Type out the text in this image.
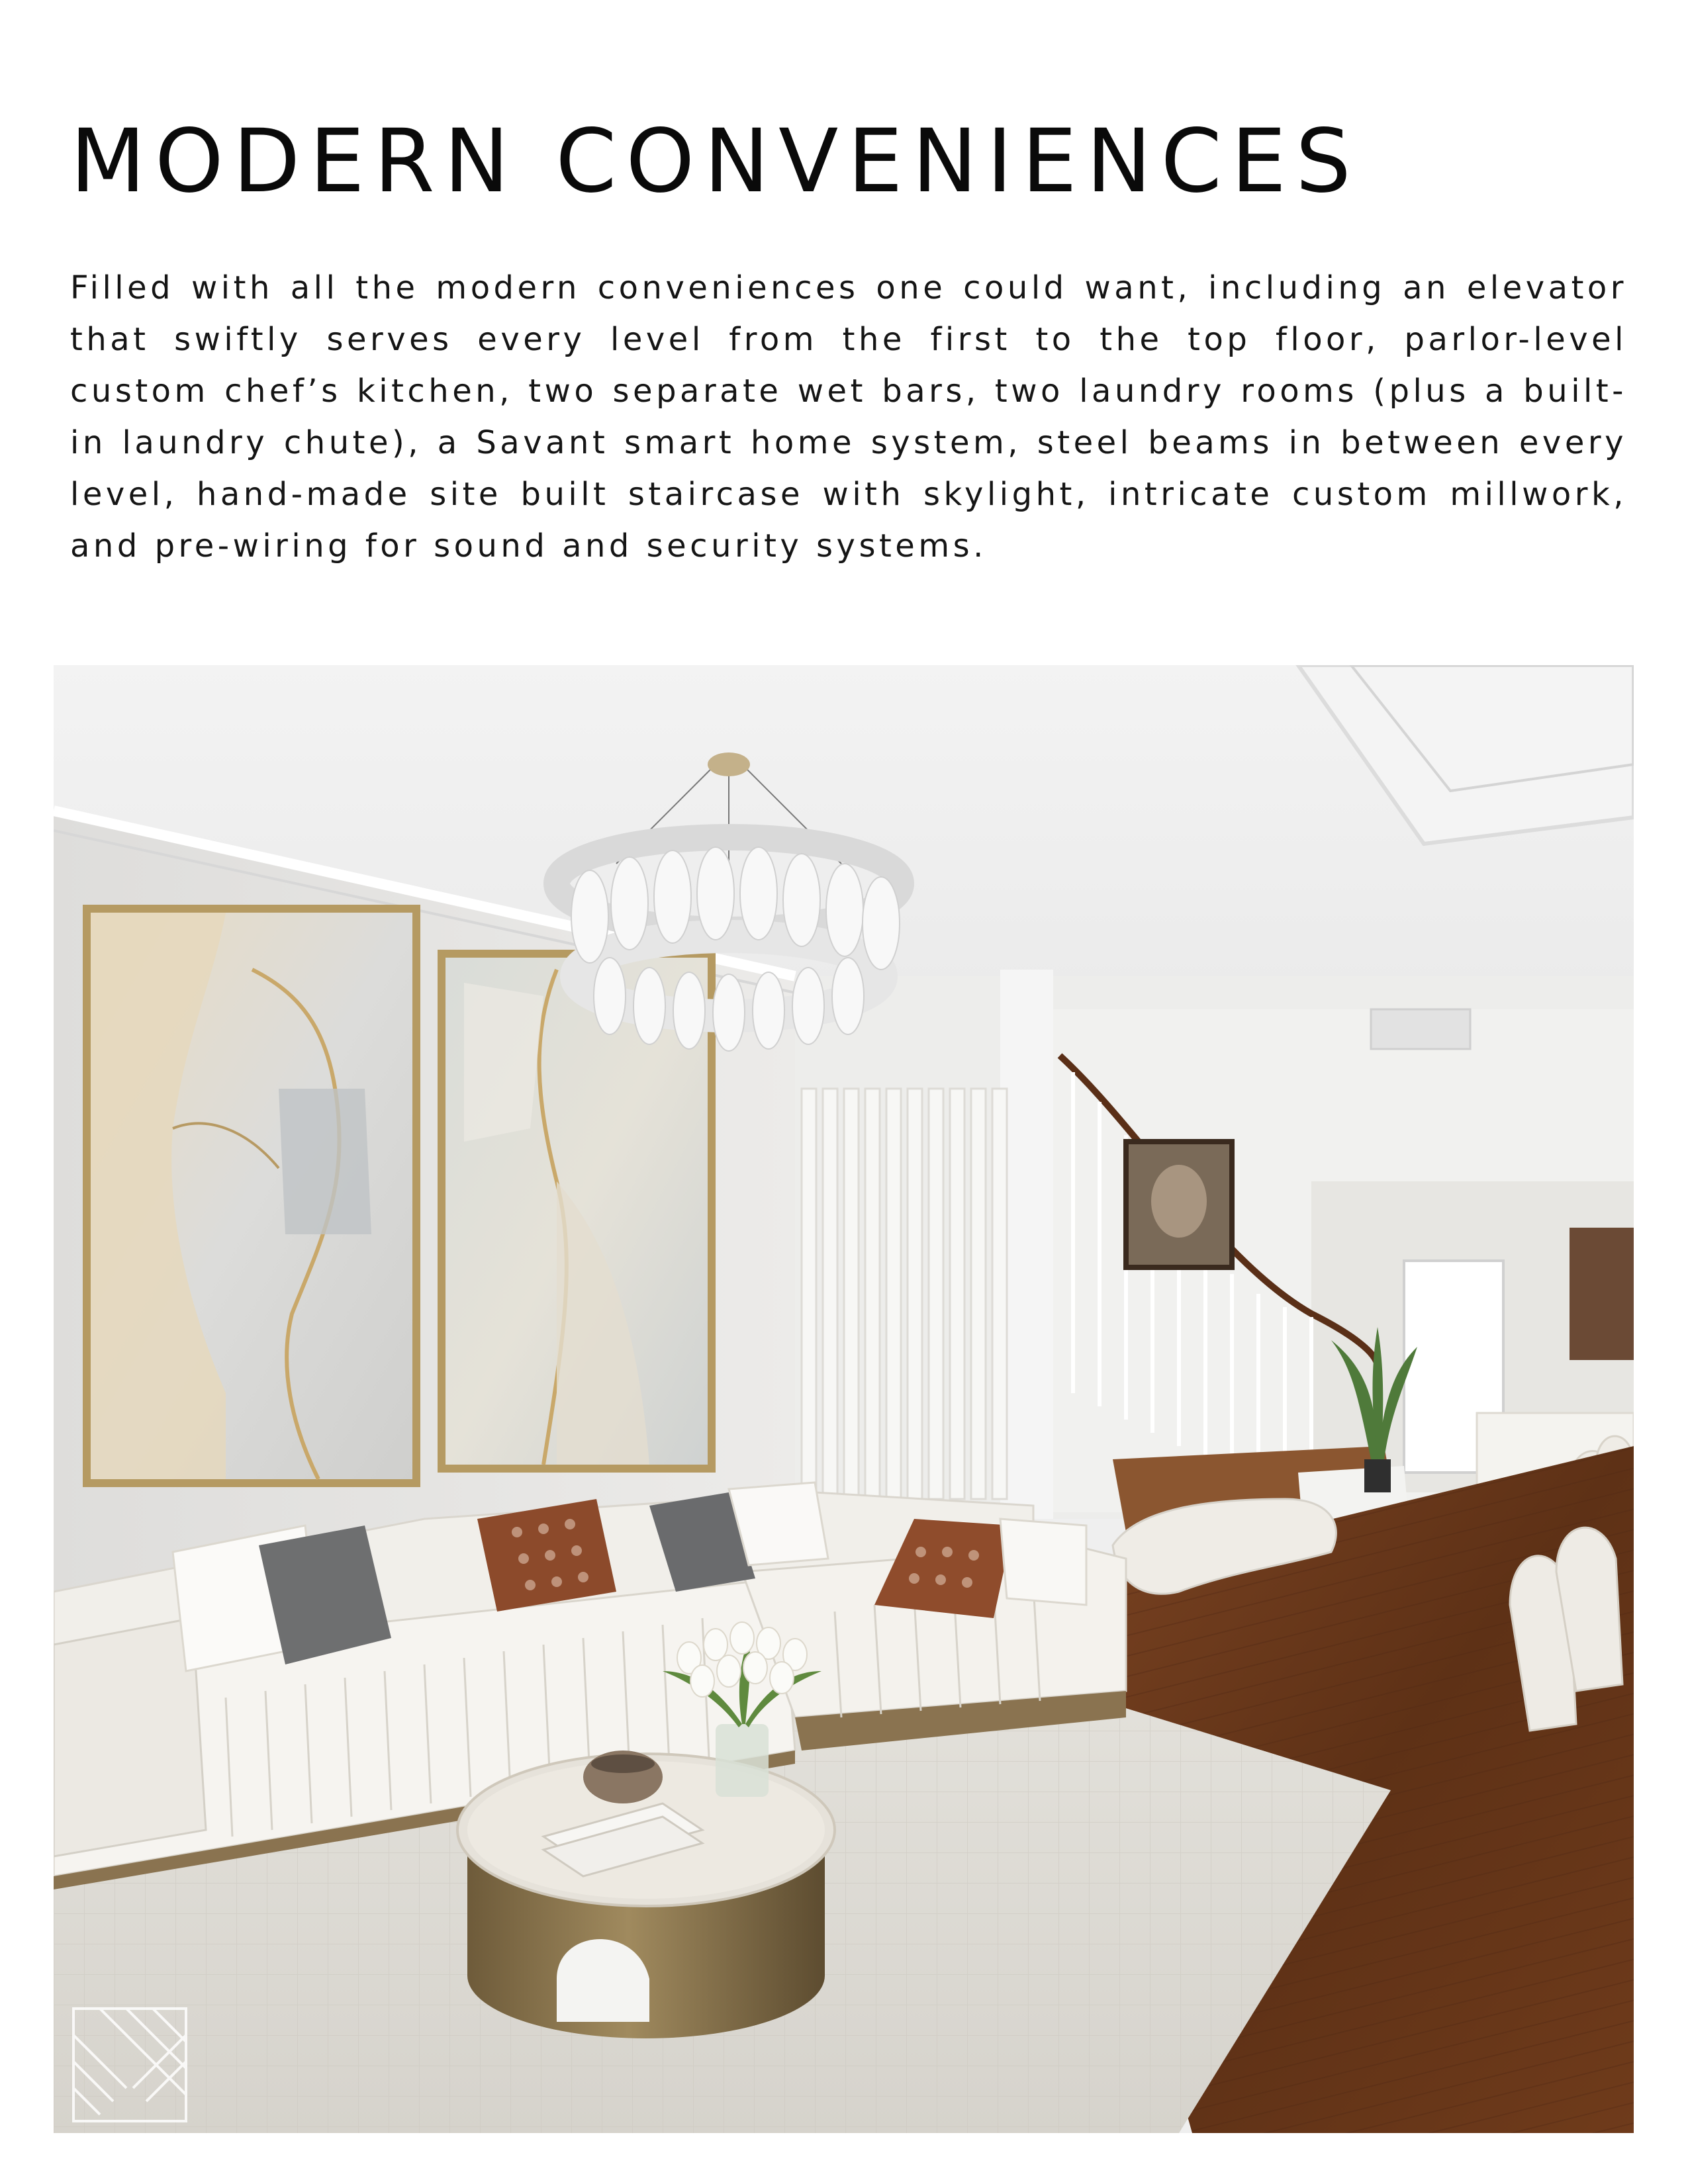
MODERN CONVENIENCES

Filled with all the modern conveniences one could want, including an elevator that swiftly serves every level from the first to the top floor, parlor-level custom chef’s kitchen, two separate wet bars, two laundry rooms (plus a built-in laundry chute), a Savant smart home system, steel beams in between every level, hand-made site built staircase with skylight, intricate custom millwork, and pre-wiring for sound and security systems.
